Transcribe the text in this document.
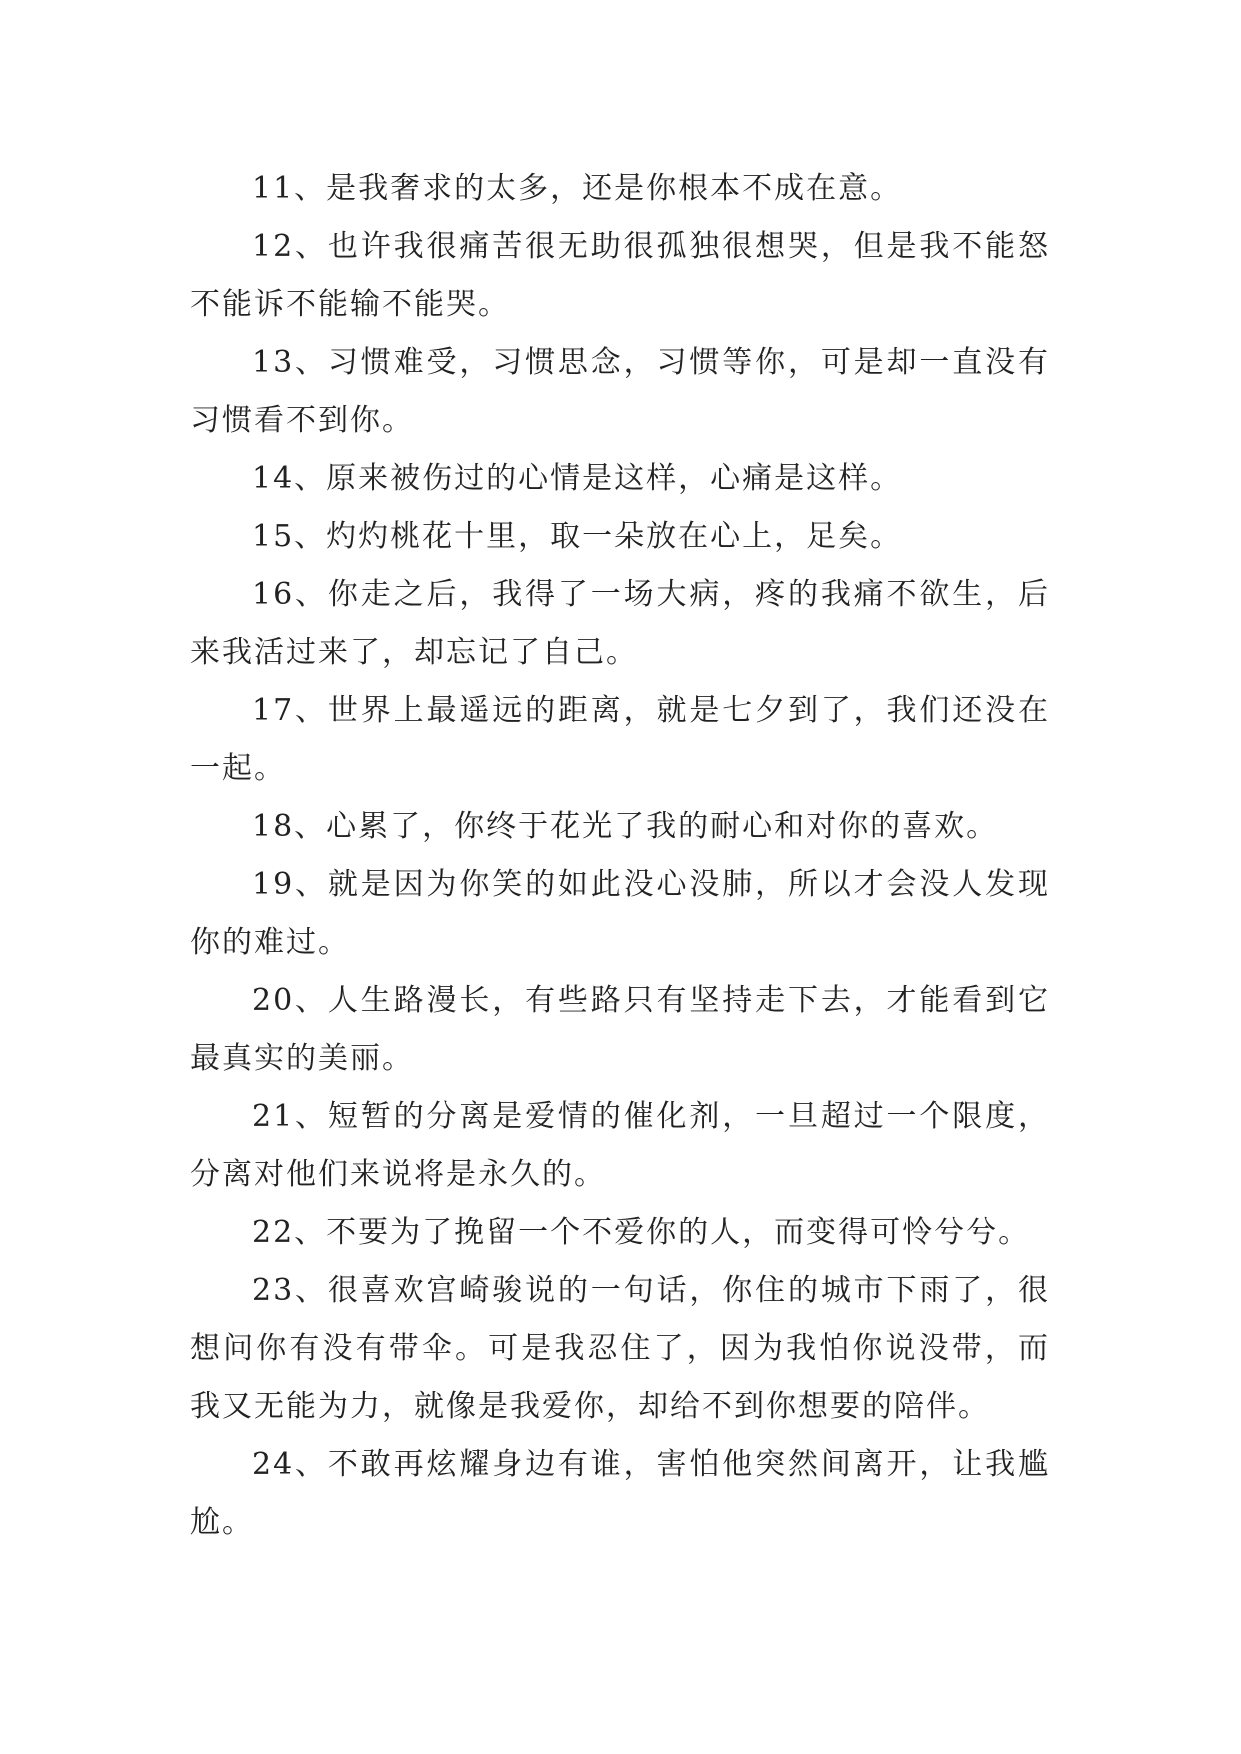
11、是我奢求的太多，还是你根本不成在意。

12、也许我很痛苦很无助很孤独很想哭，但是我不能怒不能诉不能输不能哭。

13、习惯难受，习惯思念，习惯等你，可是却一直没有习惯看不到你。

14、原来被伤过的心情是这样，心痛是这样。

15、灼灼桃花十里，取一朵放在心上，足矣。

16、你走之后，我得了一场大病，疼的我痛不欲生，后来我活过来了，却忘记了自己。

17、世界上最遥远的距离，就是七夕到了，我们还没在一起。

18、心累了，你终于花光了我的耐心和对你的喜欢。

19、就是因为你笑的如此没心没肺，所以才会没人发现你的难过。

20、人生路漫长，有些路只有坚持走下去，才能看到它最真实的美丽。

21、短暂的分离是爱情的催化剂，一旦超过一个限度，分离对他们来说将是永久的。

22、不要为了挽留一个不爱你的人，而变得可怜兮兮。

23、很喜欢宫崎骏说的一句话，你住的城市下雨了，很想问你有没有带伞。可是我忍住了，因为我怕你说没带，而我又无能为力，就像是我爱你，却给不到你想要的陪伴。

24、不敢再炫耀身边有谁，害怕他突然间离开，让我尴尬。
